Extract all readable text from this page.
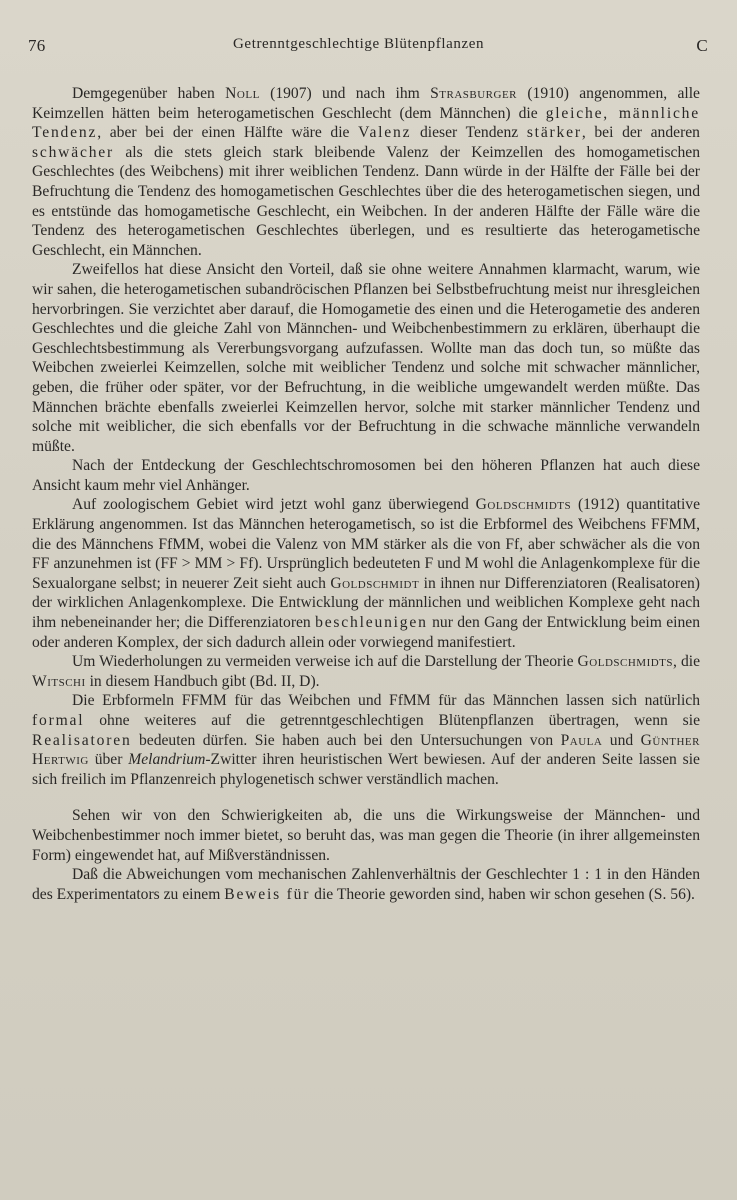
76	Getrenntgeschlechtige Blütenpflanzen	C

Demgegenüber haben Noll (1907) und nach ihm Strasburger (1910) angenommen, alle Keimzellen hätten beim heterogametischen Geschlecht (dem Männchen) die gleiche, männliche Tendenz, aber bei der einen Hälfte wäre die Valenz dieser Tendenz stärker, bei der anderen schwächer als die stets gleich stark bleibende Valenz der Keimzellen des homogametischen Geschlechtes (des Weibchens) mit ihrer weiblichen Tendenz. Dann würde in der Hälfte der Fälle bei der Befruchtung die Tendenz des homogametischen Geschlechtes über die des heterogametischen siegen, und es entstünde das homogametische Geschlecht, ein Weibchen. In der anderen Hälfte der Fälle wäre die Tendenz des heterogametischen Geschlechtes überlegen, und es resultierte das heterogametische Geschlecht, ein Männchen.

Zweifellos hat diese Ansicht den Vorteil, daß sie ohne weitere Annahmen klarmacht, warum, wie wir sahen, die heterogametischen subandröcischen Pflanzen bei Selbstbefruchtung meist nur ihresgleichen hervorbringen. Sie verzichtet aber darauf, die Homogametie des einen und die Heterogametie des anderen Geschlechtes und die gleiche Zahl von Männchen- und Weibchenbestimmern zu erklären, überhaupt die Geschlechtsbestimmung als Vererbungsvorgang aufzufassen. Wollte man das doch tun, so müßte das Weibchen zweierlei Keimzellen, solche mit weiblicher Tendenz und solche mit schwacher männlicher, geben, die früher oder später, vor der Befruchtung, in die weibliche umgewandelt werden müßte. Das Männchen brächte ebenfalls zweierlei Keimzellen hervor, solche mit starker männlicher Tendenz und solche mit weiblicher, die sich ebenfalls vor der Befruchtung in die schwache männliche verwandeln müßte.

Nach der Entdeckung der Geschlechtschromosomen bei den höheren Pflanzen hat auch diese Ansicht kaum mehr viel Anhänger.

Auf zoologischem Gebiet wird jetzt wohl ganz überwiegend Goldschmidts (1912) quantitative Erklärung angenommen. Ist das Männchen heterogametisch, so ist die Erbformel des Weibchens FFMM, die des Männchens FfMM, wobei die Valenz von MM stärker als die von Ff, aber schwächer als die von FF anzunehmen ist (FF > MM > Ff). Ursprünglich bedeuteten F und M wohl die Anlagenkomplexe für die Sexualorgane selbst; in neuerer Zeit sieht auch Goldschmidt in ihnen nur Differenziatoren (Realisatoren) der wirklichen Anlagenkomplexe. Die Entwicklung der männlichen und weiblichen Komplexe geht nach ihm nebeneinander her; die Differenziatoren beschleunigen nur den Gang der Entwicklung beim einen oder anderen Komplex, der sich dadurch allein oder vorwiegend manifestiert.

Um Wiederholungen zu vermeiden verweise ich auf die Darstellung der Theorie Goldschmidts, die Witschi in diesem Handbuch gibt (Bd. II, D).

Die Erbformeln FFMM für das Weibchen und FfMM für das Männchen lassen sich natürlich formal ohne weiteres auf die getrenntgeschlechtigen Blütenpflanzen übertragen, wenn sie Realisatoren bedeuten dürfen. Sie haben auch bei den Untersuchungen von Paula und Günther Hertwig über Melandrium-Zwitter ihren heuristischen Wert bewiesen. Auf der anderen Seite lassen sie sich freilich im Pflanzenreich phylogenetisch schwer verständlich machen.

Sehen wir von den Schwierigkeiten ab, die uns die Wirkungsweise der Männchen- und Weibchenbestimmer noch immer bietet, so beruht das, was man gegen die Theorie (in ihrer allgemeinsten Form) eingewendet hat, auf Mißverständnissen.

Daß die Abweichungen vom mechanischen Zahlenverhältnis der Geschlechter 1 : 1 in den Händen des Experimentators zu einem Beweis für die Theorie geworden sind, haben wir schon gesehen (S. 56).
